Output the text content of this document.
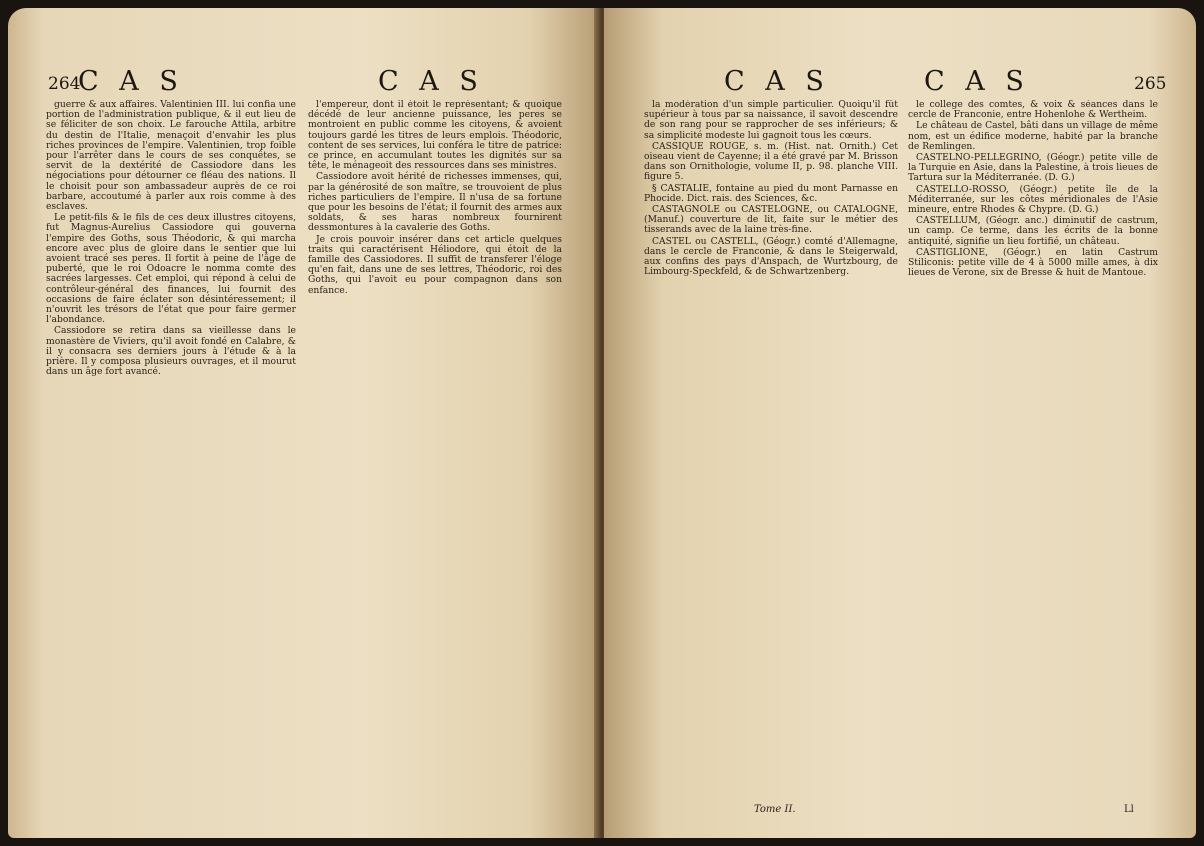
C A S
264	C A S

guerre & aux affaires. Valentinien III. lui confia une portion de l'administration publique, & il eut lieu de se féliciter de son choix. Le farouche Attila, arbitre du destin de l'Italie, menaçoit d'envahir les plus riches provinces de l'empire. Valentinien, trop foible pour l'arrêter dans le cours de ses conquêtes, se servit de la dextérité de Cassiodore dans les négociations pour détourner ce fléau des nations. Il le choisit pour son ambassadeur auprès de ce roi barbare, accoutumé à parler aux rois comme à des esclaves.

Le petit-fils & le fils de ces deux illustres citoyens, fut Magnus-Aurelius Cassiodore qui gouverna l'empire des Goths, sous Théodoric, & qui marcha encore avec plus de gloire dans le sentier que lui avoient tracé ses peres. Il fortit à peine de l'âge de puberté, que le roi Odoacre le nomma comte des sacrées largesses. Cet emploi, qui répond à celui de contrôleur-général des finances, lui fournit des occasions de faire éclater son désintéressement; il n'ouvrit les trésors de l'état que pour faire germer l'abondance.

Cassiodore se retira dans sa vieillesse dans le monastère de Viviers, qu'il avoit fondé en Calabre, & il y consacra ses derniers jours à l'étude & à la prière. Il y composa plusieurs ouvrages, et il mourut dans un âge fort avancé.

l'empereur, dont il étoit le représentant; & quoique décédé de leur ancienne puissance, les peres se montroient en public comme les citoyens, & avoient toujours gardé les titres de leurs emplois. Théodoric, content de ses services, lui conféra le titre de patrice: ce prince, en accumulant toutes les dignités sur sa tête, le ménageoit des ressources dans ses ministres.

Cassiodore avoit hérité de richesses immenses, qui, par la générosité de son maître, se trouvoient de plus riches particuliers de l'empire. Il n'usa de sa fortune que pour les besoins de l'état; il fournit des armes aux soldats, & ses haras nombreux fournirent dessmontures à la cavalerie des Goths.

Je crois pouvoir insérer dans cet article quelques traits qui caractérisent Héliodore, qui étoit de la famille des Cassiodores. Il suffit de transferer l'éloge qu'en fait, dans une de ses lettres, Théodoric, roi des Goths, qui l'avoit eu pour compagnon dans son enfance.

C A S	C A S	265

la modération d'un simple particulier. Quoiqu'il fût supérieur à tous par sa naissance, il savoit descendre de son rang pour se rapprocher de ses inférieurs; & sa simplicité modeste lui gagnoit tous les cœurs.

CASSIQUE ROUGE, s. m. (Hist. nat. Ornith.) Cet oiseau vient de Cayenne; il a été gravé par M. Brisson dans son Ornithologie, volume II, p. 98. planche VIII. figure 5.

§ CASTALIE, fontaine au pied du mont Parnasse en Phocide. Dict. rais. des Sciences, &c.

CASTAGNOLE ou CASTELOGNE, ou CATALOGNE, (Manuf.) couverture de lit, faite sur le métier des tisserands avec de la laine très-fine.

CASTEL ou CASTELL, (Géogr.) comté d'Allemagne, dans le cercle de Franconie, & dans le Steigerwald, aux confins des pays d'Anspach, de Wurtzbourg, de Limbourg-Speckfeld, & de Schwartzenberg.

le college des comtes, & voix & séances dans le cercle de Franconie, entre Hohenlohe & Wertheim.

Le château de Castel, bâti dans un village de même nom, est un édifice moderne, habité par la branche de Remlingen.

CASTELNO-PELLEGRINO, (Géogr.) petite ville de la Turquie en Asie, dans la Palestine, à trois lieues de Tartura sur la Méditerranée. (D. G.)

CASTELLO-ROSSO, (Géogr.) petite île de la Méditerranée, sur les côtes méridionales de l'Asie mineure, entre Rhodes & Chypre. (D. G.)

CASTELLUM, (Géogr. anc.) diminutif de castrum, un camp. Ce terme, dans les écrits de la bonne antiquité, signifie un lieu fortifié, un château.

CASTIGLIONE, (Géogr.) en latin Castrum Stiliconis: petite ville de 4 à 5000 mille ames, à dix lieues de Verone, six de Bresse & huit de Mantoue.

Tome II.	Ll
